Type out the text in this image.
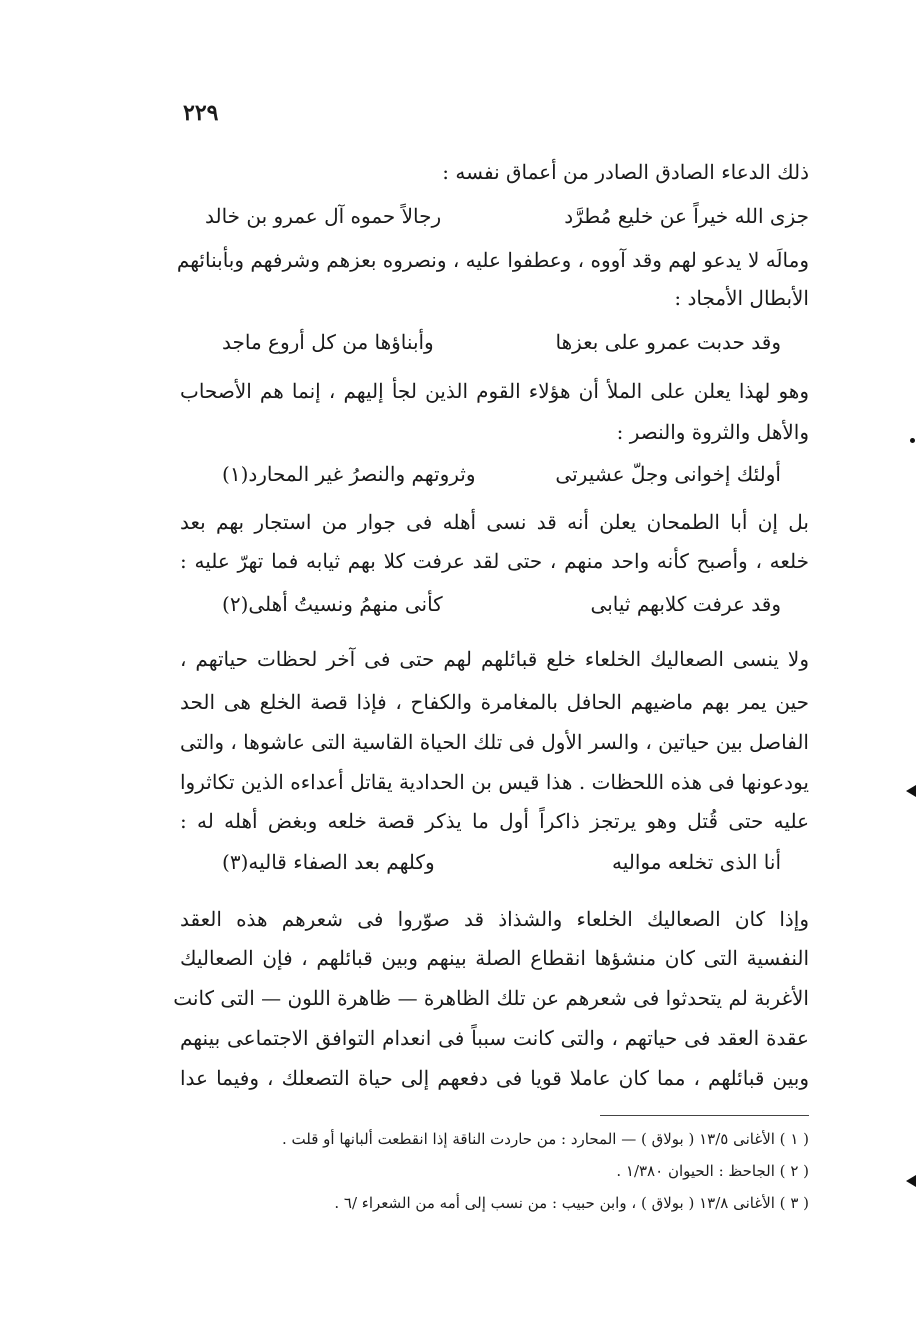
٢٢٩
ذلك الدعاء الصادق الصادر من أعماق نفسه :
جزى الله خيراً عن خليع مُطرَّد
رجالاً حموه آل عمرو بن خالد
ومالَه لا يدعو لهم وقد آووه ، وعطفوا عليه ، ونصروه بعزهم وشرفهم وبأبنائهم
الأبطال الأمجاد :
وقد حدبت عمرو على بعزها
وأبناؤها من كل أروع ماجد
وهو لهذا يعلن على الملأ أن هؤلاء القوم الذين لجأ إليهم ، إنما هم الأصحاب
والأهل والثروة والنصر :
أولئك إخوانى وجلّ عشيرتى
وثروتهم والنصرُ غير المحارد(١)
بل إن أبا الطمحان يعلن أنه قد نسى أهله فى جوار من استجار بهم بعد
خلعه ، وأصبح كأنه واحد منهم ، حتى لقد عرفت كلا بهم ثيابه فما تهرّ عليه :
وقد عرفت كلابهم ثيابى
كأنى منهمُ ونسيتُ أهلى(٢)
ولا ينسى الصعاليك الخلعاء خلع قبائلهم لهم حتى فى آخر لحظات حياتهم ،
حين يمر بهم ماضيهم الحافل بالمغامرة والكفاح ، فإذا قصة الخلع هى الحد
الفاصل بين حياتين ، والسر الأول فى تلك الحياة القاسية التى عاشوها ، والتى
يودعونها فى هذه اللحظات . هذا قيس بن الحدادية يقاتل أعداءه الذين تكاثروا
عليه حتى قُتل وهو يرتجز ذاكراً أول ما يذكر قصة خلعه وبغض أهله له :
أنا الذى تخلعه مواليه
وكلهم بعد الصفاء قاليه(٣)
وإذا كان الصعاليك الخلعاء والشذاذ قد صوّروا فى شعرهم هذه العقد
النفسية التى كان منشؤها انقطاع الصلة بينهم وبين قبائلهم ، فإن الصعاليك
الأغربة لم يتحدثوا فى شعرهم عن تلك الظاهرة — ظاهرة اللون — التى كانت
عقدة العقد فى حياتهم ، والتى كانت سبباً فى انعدام التوافق الاجتماعى بينهم
وبين قبائلهم ، مما كان عاملا قويا فى دفعهم إلى حياة التصعلك ، وفيما عدا
( ١ ) الأغانى ١٣/٥ ( بولاق ) — المحارد : من حاردت الناقة إذا انقطعت ألبانها أو قلت .
( ٢ ) الجاحظ : الحيوان ١/٣٨٠ .
( ٣ ) الأغانى ١٣/٨ ( بولاق ) ، وابن حبيب : من نسب إلى أمه من الشعراء /٦ .
